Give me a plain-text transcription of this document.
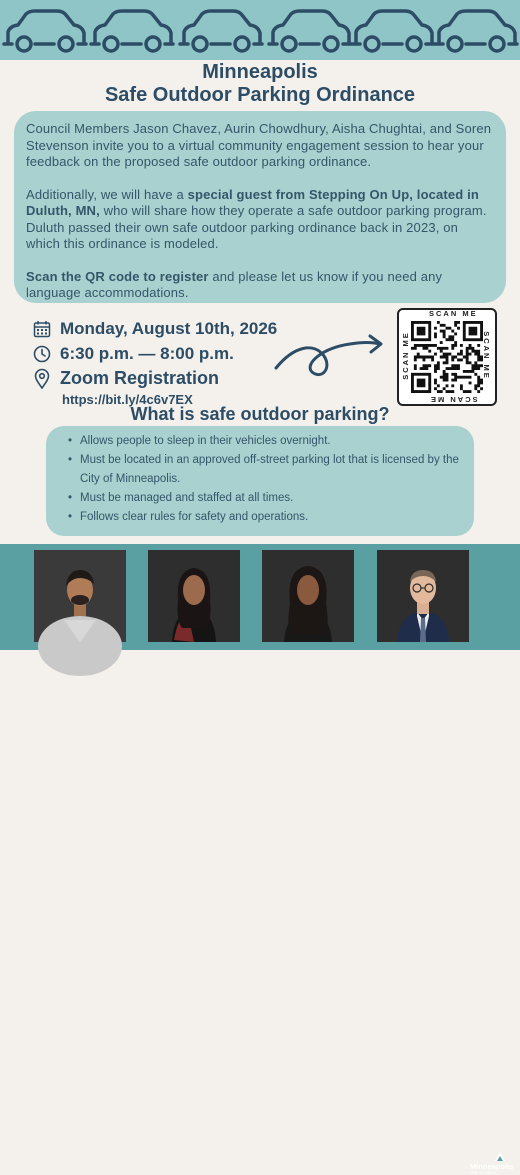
Minneapolis
Safe Outdoor Parking Ordinance

Council Members Jason Chavez, Aurin Chowdhury, Aisha Chughtai, and Soren Stevenson invite you to a virtual community engagement session to hear your feedback on the proposed safe outdoor parking ordinance.

Additionally, we will have a special guest from Stepping On Up, located in Duluth, MN, who will share how they operate a safe outdoor parking program. Duluth passed their own safe outdoor parking ordinance back in 2023, on which this ordinance is modeled.

Scan the QR code to register and please let us know if you need any language accommodations.

Monday, August 10th, 2026
6:30 p.m. — 8:00 p.m.
Zoom Registration
https://bit.ly/4c6v7EX
SCAN ME
SCAN ME
SCAN ME	SCAN ME
What is safe outdoor parking?
• Allows people to sleep in their vehicles overnight.
• Must be located in an approved off-street parking lot that is licensed by the City of Minneapolis.
• Must be managed and staffed at all times.
• Follows clear rules for safety and operations.
Minneapolis
City of Lakes
